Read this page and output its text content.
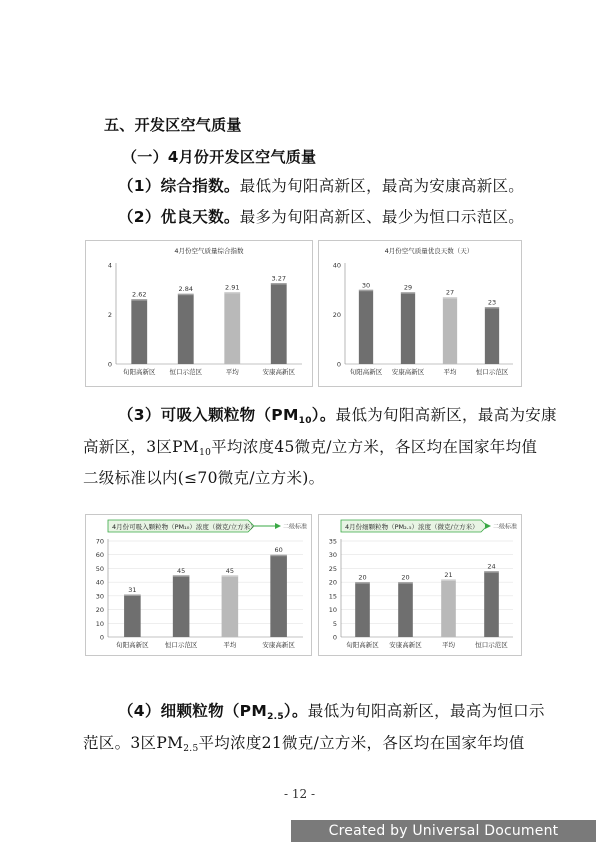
五、开发区空气质量
（一）4月份开发区空气质量
（1）综合指数。最低为旬阳高新区，最高为安康高新区。
（2）优良天数。最多为旬阳高新区、最少为恒口示范区。
4月份空气质量综合指数
0
2
4
2.62
旬阳高新区
2.84
恒口示范区
2.91
平均
3.27
安康高新区
4月份空气质量优良天数（天）
0
20
40
30
旬阳高新区
29
安康高新区
27
平均
23
恒口示范区
（3）可吸入颗粒物$(PM_{10})$。最低为旬阳高新区，最高为安康
高新区，3区$PM_{10}$平均浓度45微克/立方米，各区均在国家年均值
二级标准以内(≤70微克/立方米)。
4月份可吸入颗粒物（PM₁₀）浓度（微克/立方米）	二级标准
0
10
20
30
40
50
60
70
31
旬阳高新区
45
恒口示范区
45
平均
60
安康高新区
4月份细颗粒物（PM₂.₅）浓度（微克/立方米） 二级标准
0
5
10
15
20
25
30
35
20
旬阳高新区
20
安康高新区
21
平均
24
恒口示范区
（4）细颗粒物$(PM_{2.5})$。最低为旬阳高新区，最高为恒口示
范区。3区$PM_{2.5}$平均浓度21微克/立方米，各区均在国家年均值
- 12 -
Created by Universal Document Converter
